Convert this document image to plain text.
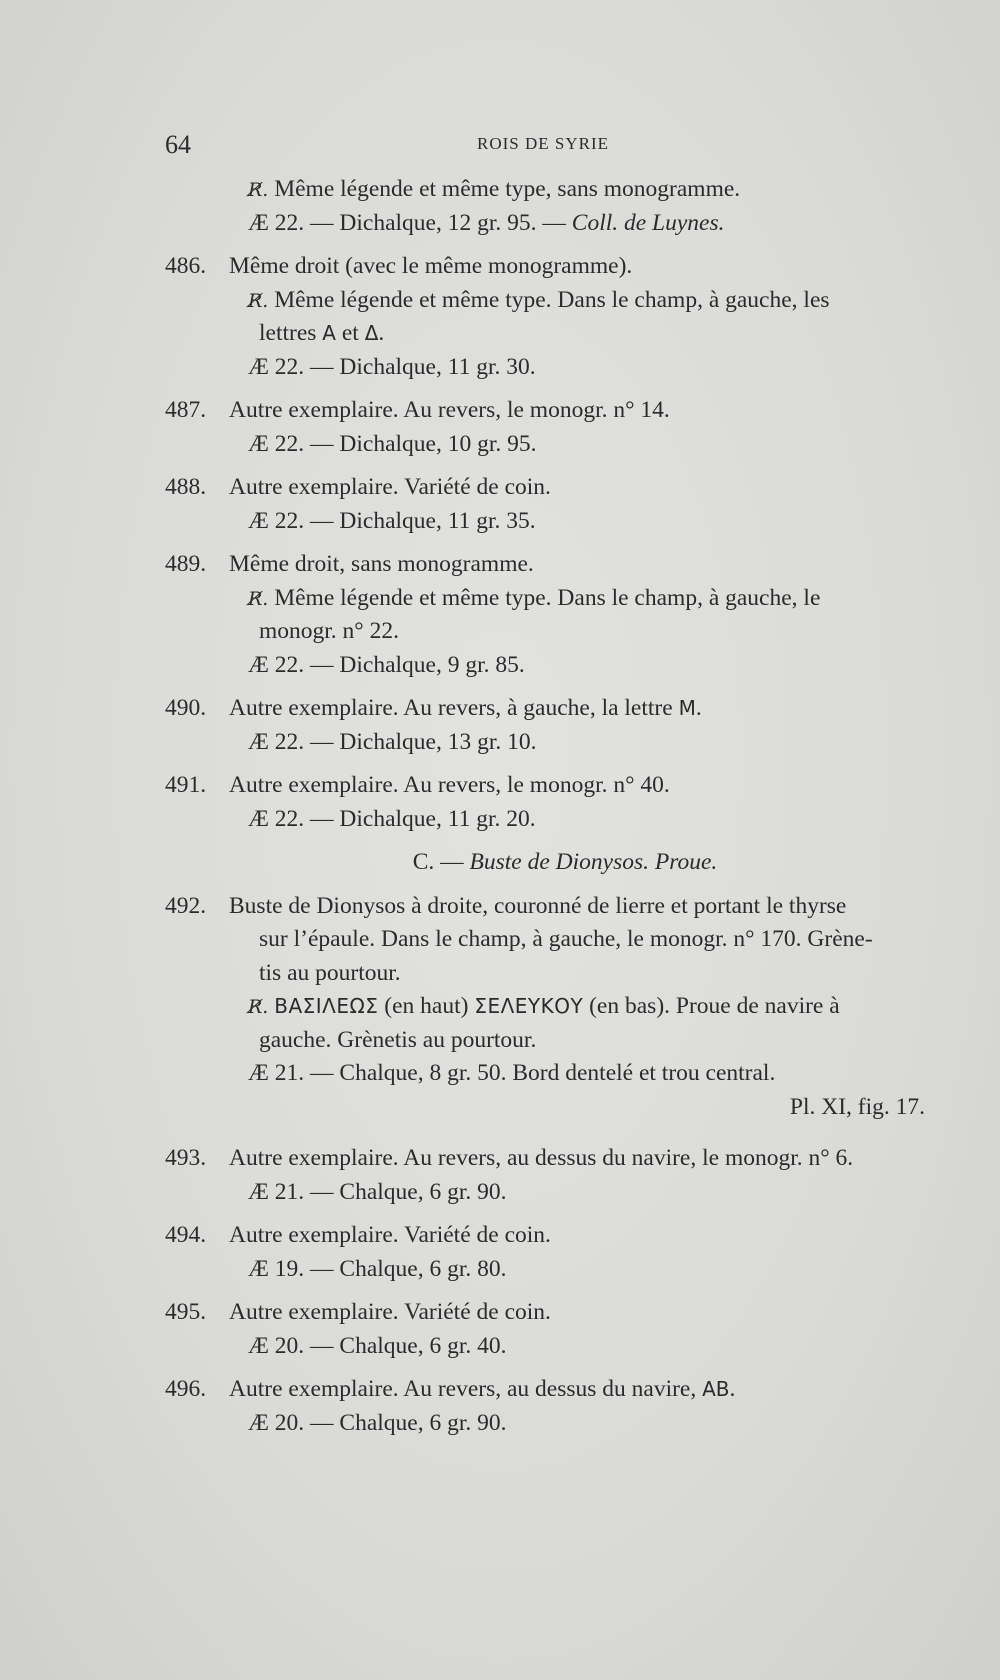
64	ROIS DE SYRIE
R̸. Même légende et même type, sans monogramme.
Æ 22. — Dichalque, 12 gr. 95. — Coll. de Luynes.
486. Même droit (avec le même monogramme).
R̸. Même légende et même type. Dans le champ, à gauche, les
lettres A et Δ.
Æ 22. — Dichalque, 11 gr. 30.
487. Autre exemplaire. Au revers, le monogr. n° 14.
Æ 22. — Dichalque, 10 gr. 95.
488. Autre exemplaire. Variété de coin.
Æ 22. — Dichalque, 11 gr. 35.
489. Même droit, sans monogramme.
R̸. Même légende et même type. Dans le champ, à gauche, le
monogr. n° 22.
Æ 22. — Dichalque, 9 gr. 85.
490. Autre exemplaire. Au revers, à gauche, la lettre M.
Æ 22. — Dichalque, 13 gr. 10.
491. Autre exemplaire. Au revers, le monogr. n° 40.
Æ 22. — Dichalque, 11 gr. 20.
C. — Buste de Dionysos. Proue.
492. Buste de Dionysos à droite, couronné de lierre et portant le thyrse
sur l’épaule. Dans le champ, à gauche, le monogr. n° 170. Grène-
tis au pourtour.
R̸. ΒΑΣΙΛΕΩΣ (en haut) ΣΕΛΕΥΚΟΥ (en bas). Proue de navire à
gauche. Grènetis au pourtour.
Æ 21. — Chalque, 8 gr. 50. Bord dentelé et trou central.
Pl. XI, fig. 17.
493. Autre exemplaire. Au revers, au dessus du navire, le monogr. n° 6.
Æ 21. — Chalque, 6 gr. 90.
494. Autre exemplaire. Variété de coin.
Æ 19. — Chalque, 6 gr. 80.
495. Autre exemplaire. Variété de coin.
Æ 20. — Chalque, 6 gr. 40.
496. Autre exemplaire. Au revers, au dessus du navire, AB.
Æ 20. — Chalque, 6 gr. 90.
